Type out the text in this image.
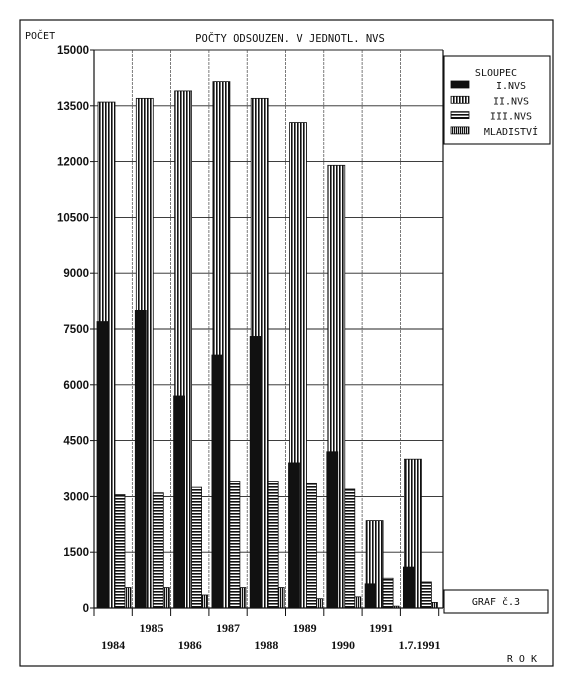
POČET	POČTY ODSOUZEN. V JEDNOTL. NVS
0
1500
3000
4500
6000
7500
9000
10500
12000
13500
15000
1984
1985
1986
1987
1988
1989
1990
1991
1.7.1991
R O K
SLOUPEC
I.NVS
II.NVS
III.NVS
MLADISTVÍ
GRAF č.3
